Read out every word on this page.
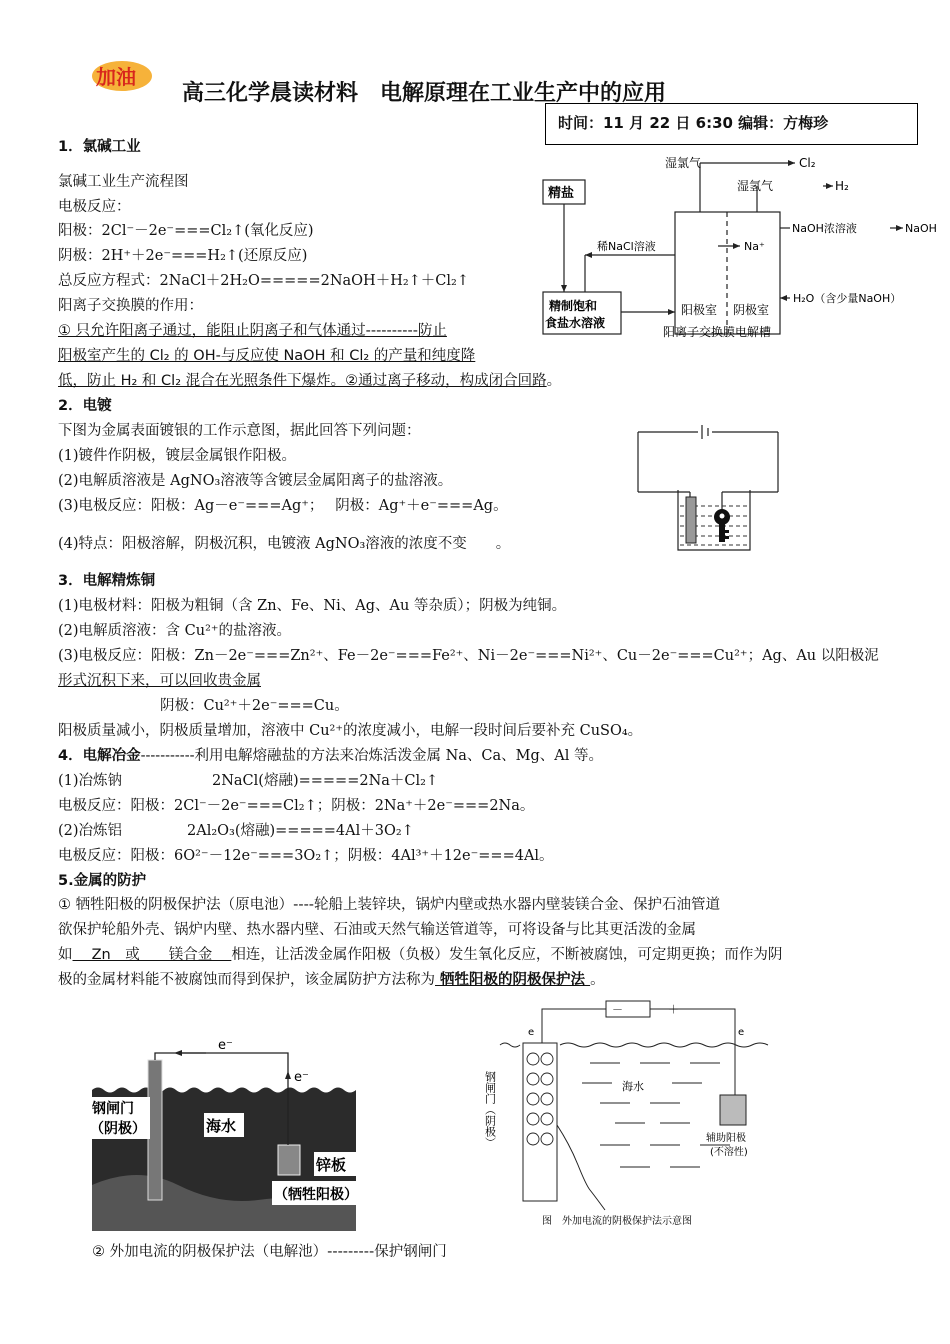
加油
高三化学晨读材料　电解原理在工业生产中的应用
时间：11 月 22 日 6:30 编辑：方梅珍
1．氯碱工业
氯碱工业生产流程图
电极反应：
阳极：2Cl⁻－2e⁻===Cl₂↑(氧化反应)
阴极：2H⁺＋2e⁻===H₂↑(还原反应)
总反应方程式：2NaCl＋2H₂O=====2NaOH＋H₂↑＋Cl₂↑
阳离子交换膜的作用：
① 只允许阳离子通过，能阻止阴离子和气体通过----------防止
阳极室产生的 Cl₂ 的 OH-与反应使 NaOH 和 Cl₂ 的产量和纯度降
低，防止 H₂ 和 Cl₂ 混合在光照条件下爆炸。②通过离子移动，构成闭合回路。
湿氯气	Cl₂
湿氢气	H₂
精盐
稀NaCl溶液	Na⁺
NaOH浓溶液	NaOH
精制饱和
食盐水溶液
阳极室 阴极室
H₂O（含少量NaOH）
阳离子交换膜电解槽
2．电镀
下图为金属表面镀银的工作示意图，据此回答下列问题：
(1)镀件作阴极，镀层金属银作阳极。
(2)电解质溶液是 AgNO₃溶液等含镀层金属阳离子的盐溶液。
(3)电极反应：阳极：Ag－e⁻===Ag⁺；　 阴极：Ag⁺＋e⁻===Ag。
(4)特点：阳极溶解，阴极沉积，电镀液 AgNO₃溶液的浓度不变　　。
3．电解精炼铜
(1)电极材料：阳极为粗铜（含 Zn、Fe、Ni、Ag、Au 等杂质）；阴极为纯铜。
(2)电解质溶液：含 Cu²⁺的盐溶液。
(3)电极反应：阳极：Zn－2e⁻===Zn²⁺、Fe－2e⁻===Fe²⁺、Ni－2e⁻===Ni²⁺、Cu－2e⁻===Cu²⁺；Ag、Au 以阳极泥
形式沉积下来，可以回收贵金属
阴极：Cu²⁺＋2e⁻===Cu。
阳极质量减小，阴极质量增加，溶液中 Cu²⁺的浓度减小，电解一段时间后要补充 CuSO₄。
4．电解冶金-----------利用电解熔融盐的方法来冶炼活泼金属 Na、Ca、Mg、Al 等。
(1)冶炼钠	2NaCl(熔融)=====2Na＋Cl₂↑
电极反应：阳极：2Cl⁻－2e⁻===Cl₂↑；阴极：2Na⁺＋2e⁻===2Na。
(2)冶炼铝	2Al₂O₃(熔融)=====4Al＋3O₂↑
电极反应：阳极：6O²⁻－12e⁻===3O₂↑；阴极：4Al³⁺＋12e⁻===4Al。
5.金属的防护
① 牺牲阳极的阴极保护法（原电池）----轮船上装锌块，锅炉内壁或热水器内壁装镁合金、保护石油管道
欲保护轮船外壳、锅炉内壁、热水器内壁、石油或天然气输送管道等，可将设备与比其更活泼的金属
如　 Zn　或　　镁合金　 相连，让活泼金属作阳极（负极）发生氧化反应，不断被腐蚀，可定期更换；而作为阴
极的金属材料能不被腐蚀而得到保护，该金属防护方法称为 牺牲阳极的阴极保护法 。
e⁻
e⁻
钢闸门
（阴极）	海水
锌板
（牺牲阳极）
－	＋
e	e
钢闸门（阴极）	海水
辅助阳极
(不溶性)
图　外加电流的阴极保护法示意图
② 外加电流的阴极保护法（电解池）---------保护钢闸门
